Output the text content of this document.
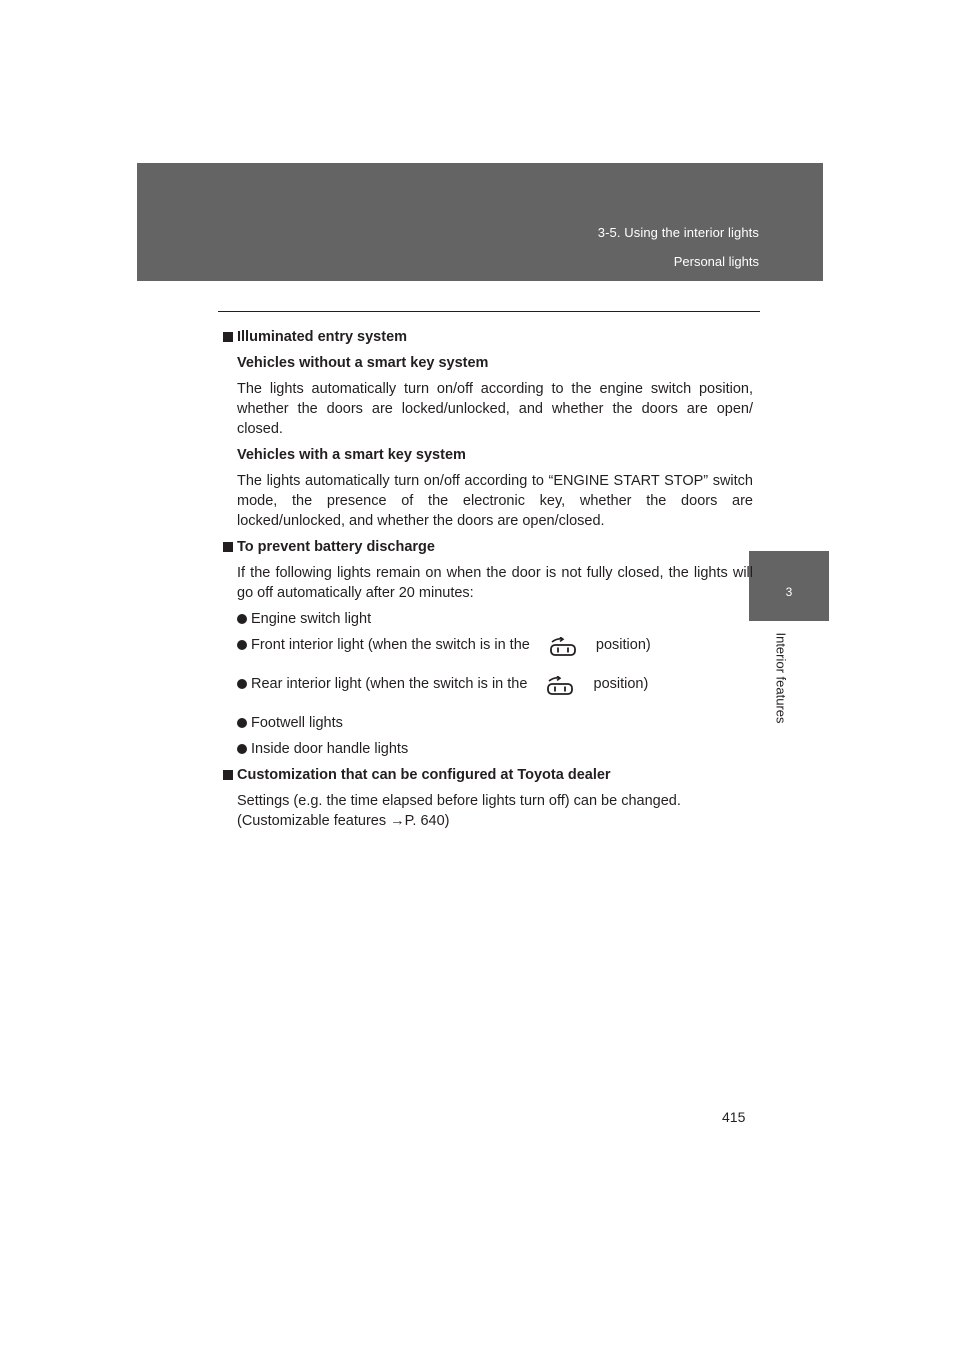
3-5. Using the interior lights
Personal lights
3
Interior features
Illuminated entry system
Vehicles without a smart key system
The lights automatically turn on/off according to the engine switch position, whether the doors are locked/unlocked, and whether the doors are open/ closed.
Vehicles with a smart key system
The lights automatically turn on/off according to “ENGINE START STOP” switch mode, the presence of the electronic key, whether the doors are locked/unlocked, and whether the doors are open/closed.
To prevent battery discharge
If the following lights remain on when the door is not fully closed, the lights will go off automatically after 20 minutes:
Engine switch light
Front interior light (when the switch is in the	position)
Rear interior light (when the switch is in the	position)
Footwell lights
Inside door handle lights
Customization that can be configured at Toyota dealer
Settings (e.g. the time elapsed before lights turn off) can be changed.
(Customizable features →P. 640)
415
